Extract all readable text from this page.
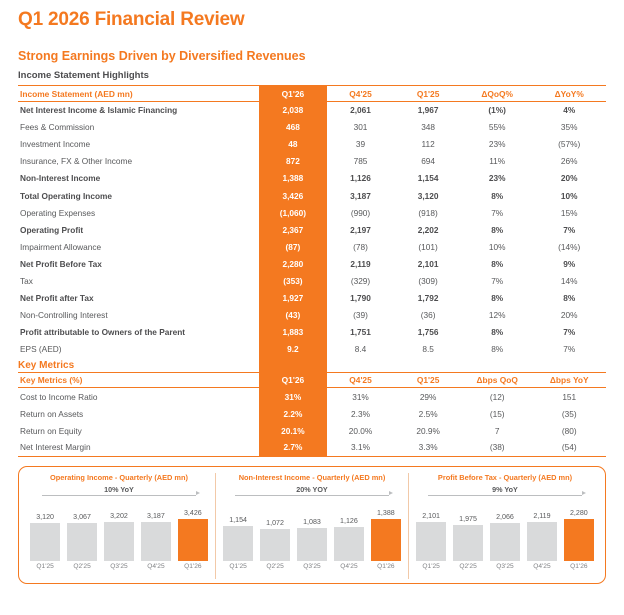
Q1 2026 Financial Review
Strong Earnings Driven by Diversified Revenues
Income Statement Highlights
Income Statement (AED mn)	Q1'26	Q4'25	Q1'25	ΔQoQ%	ΔYoY%
Net Interest Income & Islamic Financing	2,038	2,061	1,967	(1%)	4%
Fees & Commission	468	301	348	55%	35%
Investment Income	48	39	112	23%	(57%)
Insurance, FX & Other Income	872	785	694	11%	26%
Non-Interest Income	1,388	1,126	1,154	23%	20%
Total Operating Income	3,426	3,187	3,120	8%	10%
Operating Expenses	(1,060)	(990)	(918)	7%	15%
Operating Profit	2,367	2,197	2,202	8%	7%
Impairment Allowance	(87)	(78)	(101)	10%	(14%)
Net Profit Before Tax	2,280	2,119	2,101	8%	9%
Tax	(353)	(329)	(309)	7%	14%
Net Profit after Tax	1,927	1,790	1,792	8%	8%
Non-Controlling Interest	(43)	(39)	(36)	12%	20%
Profit attributable to Owners of the Parent	1,883	1,751	1,756	8%	7%
EPS (AED)	9.2	8.4	8.5	8%	7%
Key Metrics					
Key Metrics (%)	Q1'26	Q4'25	Q1'25	Δbps QoQ	Δbps YoY
Cost to Income Ratio	31%	31%	29%	(12)	151
Return on Assets	2.2%	2.3%	2.5%	(15)	(35)
Return on Equity	20.1%	20.0%	20.9%	7	(80)
Net Interest Margin	2.7%	3.1%	3.3%	(38)	(54)
Operating Income - Quarterly (AED mn)
10% YoY
3,120	3,067	3,202	3,187	3,426
Q1'25	Q2'25	Q3'25	Q4'25	Q1'26
Non-Interest Income - Quarterly (AED mn)
20% YOY
1,154	1,072	1,083	1,126
1,388
Q1'25	Q2'25	Q3'25	Q4'25	Q1'26
Profit Before Tax - Quarterly (AED mn)
9% YoY
2,101	1,975	2,066	2,119	2,280
Q1'25	Q2'25	Q3'25	Q4'25	Q1'26
